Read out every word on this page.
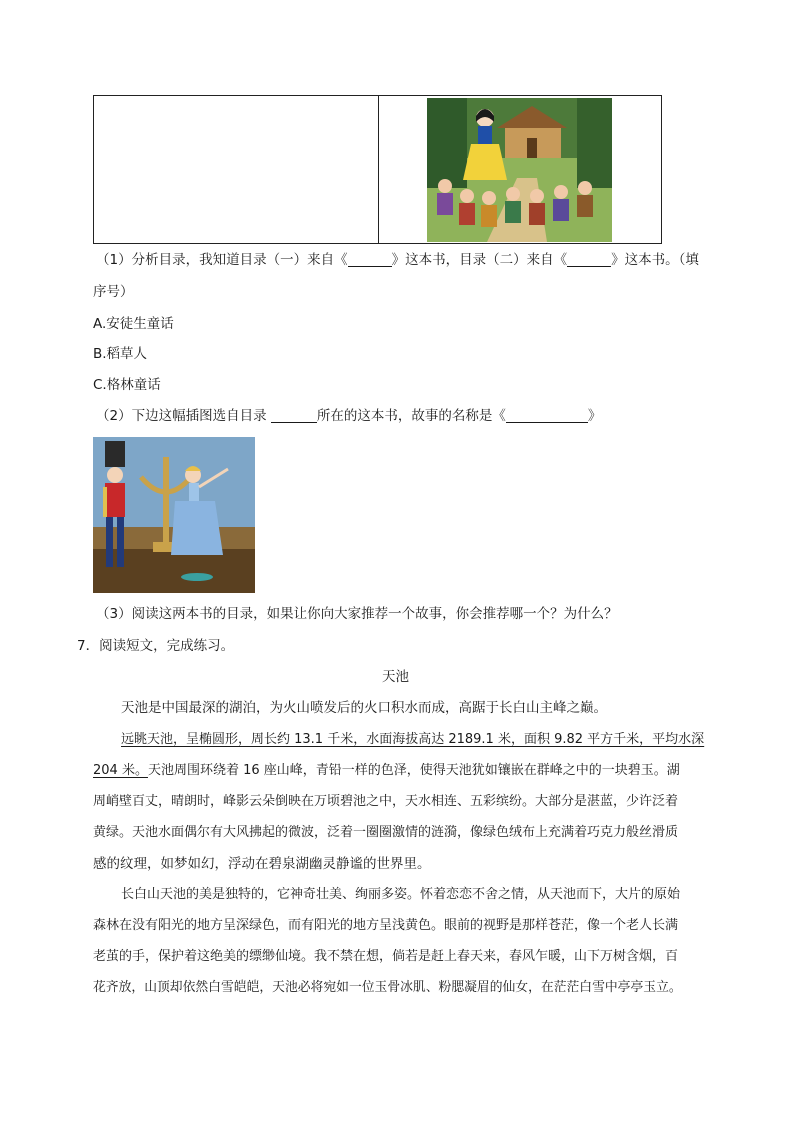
（1）分析目录，我知道目录（一）来自《	》这本书，目录（二）来自《	》这本书。（填
序号）
A.安徒生童话
B.稻草人
C.格林童话
（2）下边这幅插图选自目录	所在的这本书，故事的名称是《	》
（3）阅读这两本书的目录，如果让你向大家推荐一个故事，你会推荐哪一个？为什么？
7．阅读短文，完成练习。
天池
天池是中国最深的湖泊，为火山喷发后的火口积水而成，高踞于长白山主峰之巅。
远眺天池，呈椭圆形，周长约 13.1 千米，水面海拔高达 2189.1 米，面积 9.82 平方千米，平均水深
204 米。天池周围环绕着 16 座山峰，青铅一样的色泽，使得天池犹如镶嵌在群峰之中的一块碧玉。湖
周峭壁百丈，晴朗时，峰影云朵倒映在万顷碧池之中，天水相连、五彩缤纷。大部分是湛蓝，少许泛着
黄绿。天池水面偶尔有大风拂起的微波，泛着一圈圈激情的涟漪，像绿色绒布上充满着巧克力般丝滑质
感的纹理，如梦如幻，浮动在碧泉湖幽灵静谧的世界里。
长白山天池的美是独特的，它神奇壮美、绚丽多姿。怀着恋恋不舍之情，从天池而下，大片的原始
森林在没有阳光的地方呈深绿色，而有阳光的地方呈浅黄色。眼前的视野是那样苍茫，像一个老人长满
老茧的手，保护着这绝美的缥缈仙境。我不禁在想，倘若是赶上春天来，春风乍暖，山下万树含烟，百
花齐放，山顶却依然白雪皑皑，天池必将宛如一位玉骨冰肌、粉腮凝眉的仙女，在茫茫白雪中亭亭玉立。
